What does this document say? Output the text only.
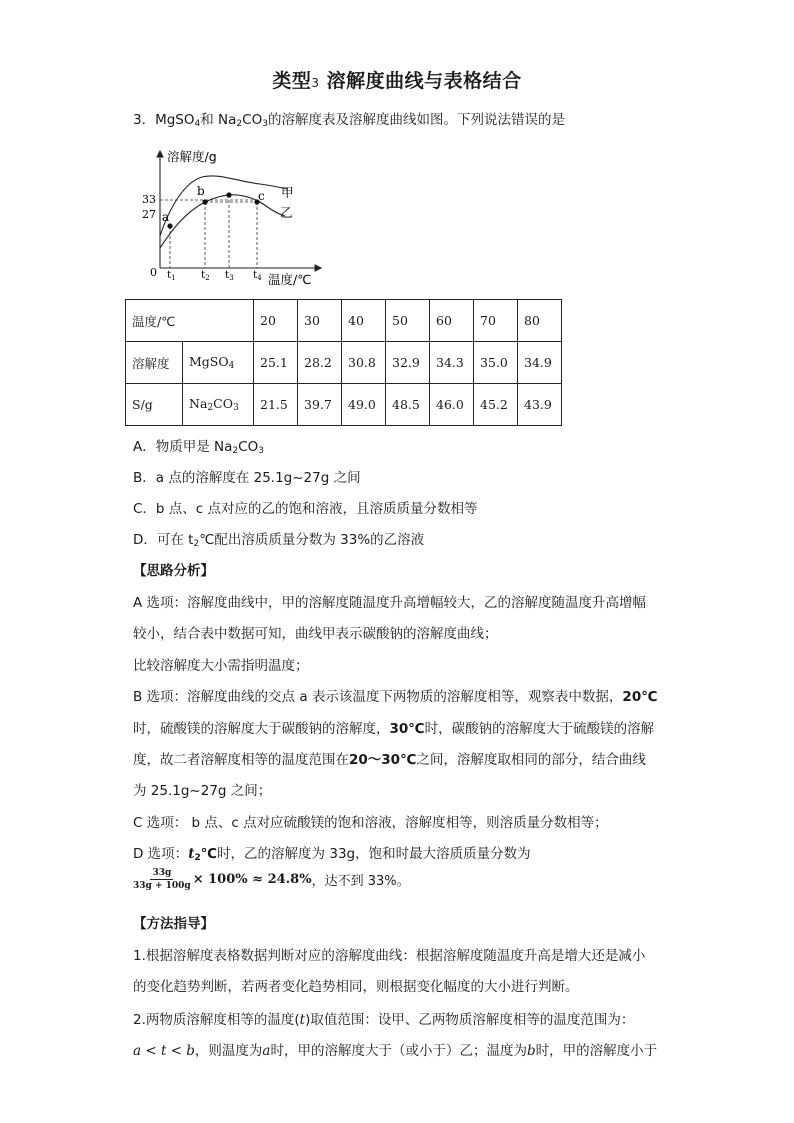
类型3 溶解度曲线与表格结合
3．MgSO$_4$和 $Na_2CO_3$的溶解度表及溶解度曲线如图。下列说法错误的是
溶解度/g
33
27
0
a
b	c 甲
乙
t1 t2 t3 t4 温度/℃
温度/℃		20	30	40	50	60	70	80
溶解度	MgSO$_4$	25.1	28.2	30.8	32.9	34.3	35.0	34.9
S/g	$Na_2CO_3$	21.5	39.7	49.0	48.5	46.0	45.2	43.9
A．物质甲是 $Na_2CO_3$
B．a 点的溶解度在 25.1g~27g 之间
C．b 点、c 点对应的乙的饱和溶液，且溶质质量分数相等
D．可在 $t_2℃$配出溶质质量分数为 33%的乙溶液
【思路分析】
A 选项：溶解度曲线中，甲的溶解度随温度升高增幅较大，乙的溶解度随温度升高增幅
较小，结合表中数据可知，曲线甲表示碳酸钠的溶解度曲线；
比较溶解度大小需指明温度；
B 选项：溶解度曲线的交点 a 表示该温度下两物质的溶解度相等，观察表中数据，20℃
时，硫酸镁的溶解度大于碳酸钠的溶解度，30℃时，碳酸钠的溶解度大于硫酸镁的溶解
度，故二者溶解度相等的温度范围在20～30℃之间，溶解度取相同的部分，结合曲线
为 25.1g~27g 之间；
C 选项： b 点、c 点对应硫酸镁的饱和溶液，溶解度相等，则溶质量分数相等；
D 选项：$t_2℃$时，乙的溶解度为 33g，饱和时最大溶质质量分数为
$\frac{33g}{33g + 100g} \times 100\% \approx 24.8\%$ ，达不到 33%。
【方法指导】
1.根据溶解度表格数据判断对应的溶解度曲线：根据溶解度随温度升高是增大还是减小
的变化趋势判断，若两者变化趋势相同，则根据变化幅度的大小进行判断。
2.两物质溶解度相等的温度(t)取值范围：设甲、乙两物质溶解度相等的温度范围为：
a < t < b，则温度为a时，甲的溶解度大于（或小于）乙；温度为b时，甲的溶解度小于
